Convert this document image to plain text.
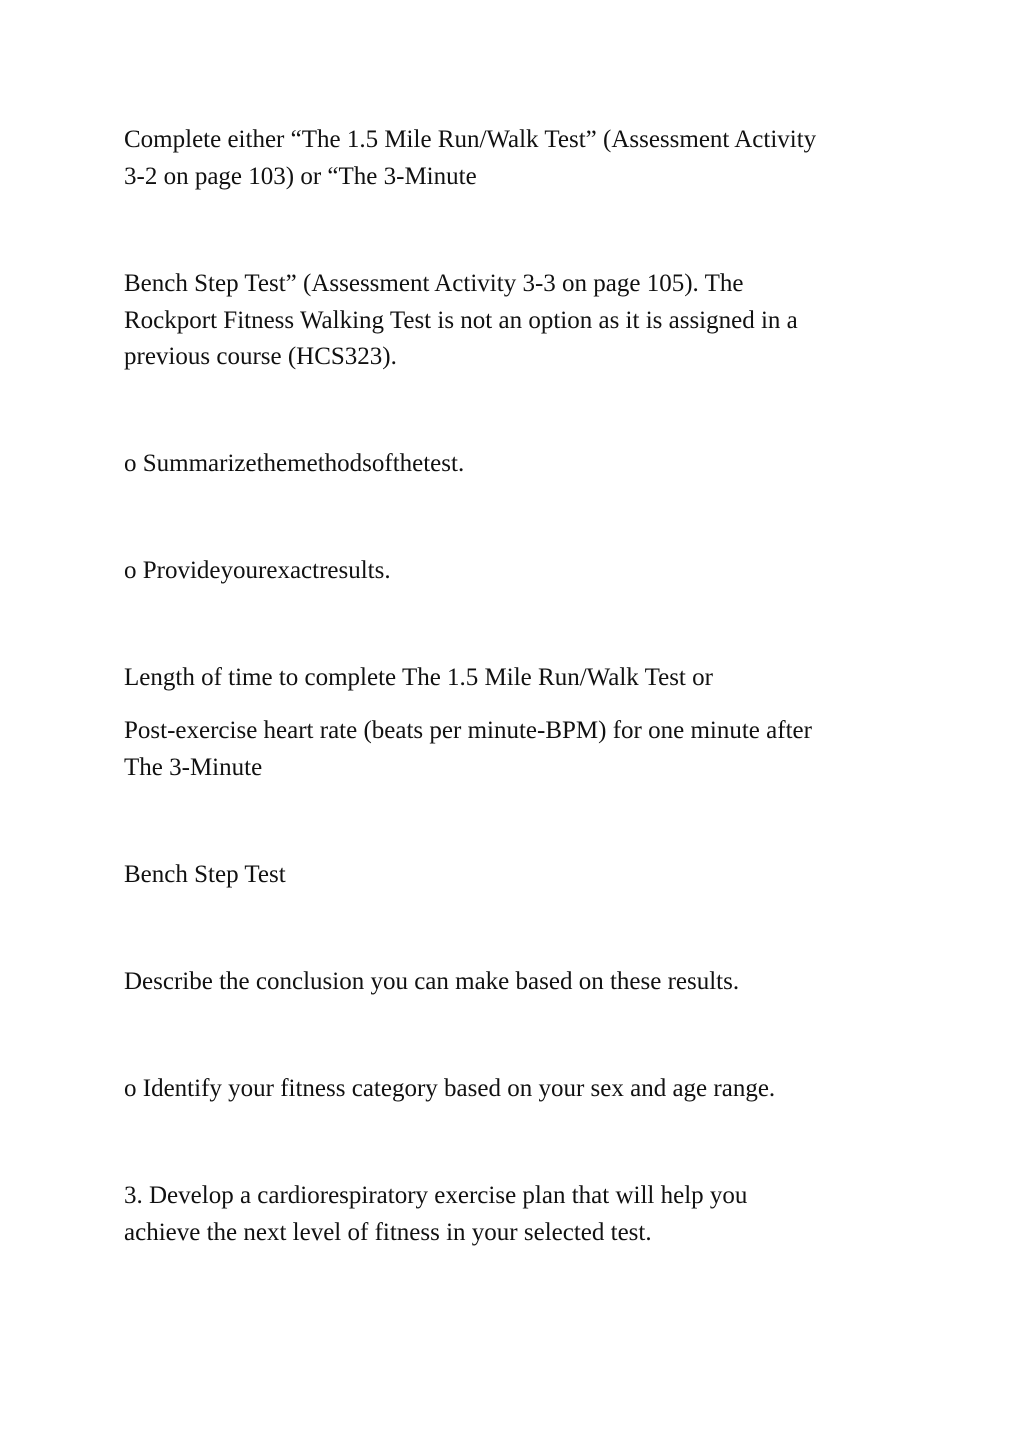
Complete either “The 1.5 Mile Run/Walk Test” (Assessment Activity
3-2 on page 103) or “The 3-Minute

Bench Step Test” (Assessment Activity 3-3 on page 105). The
Rockport Fitness Walking Test is not an option as it is assigned in a
previous course (HCS323).

o Summarizethemethodsofthetest.

o Provideyourexactresults.

Length of time to complete The 1.5 Mile Run/Walk Test or

Post-exercise heart rate (beats per minute-BPM) for one minute after
The 3-Minute

Bench Step Test

Describe the conclusion you can make based on these results.

o Identify your fitness category based on your sex and age range.

3. Develop a cardiorespiratory exercise plan that will help you
achieve the next level of fitness in your selected test.
